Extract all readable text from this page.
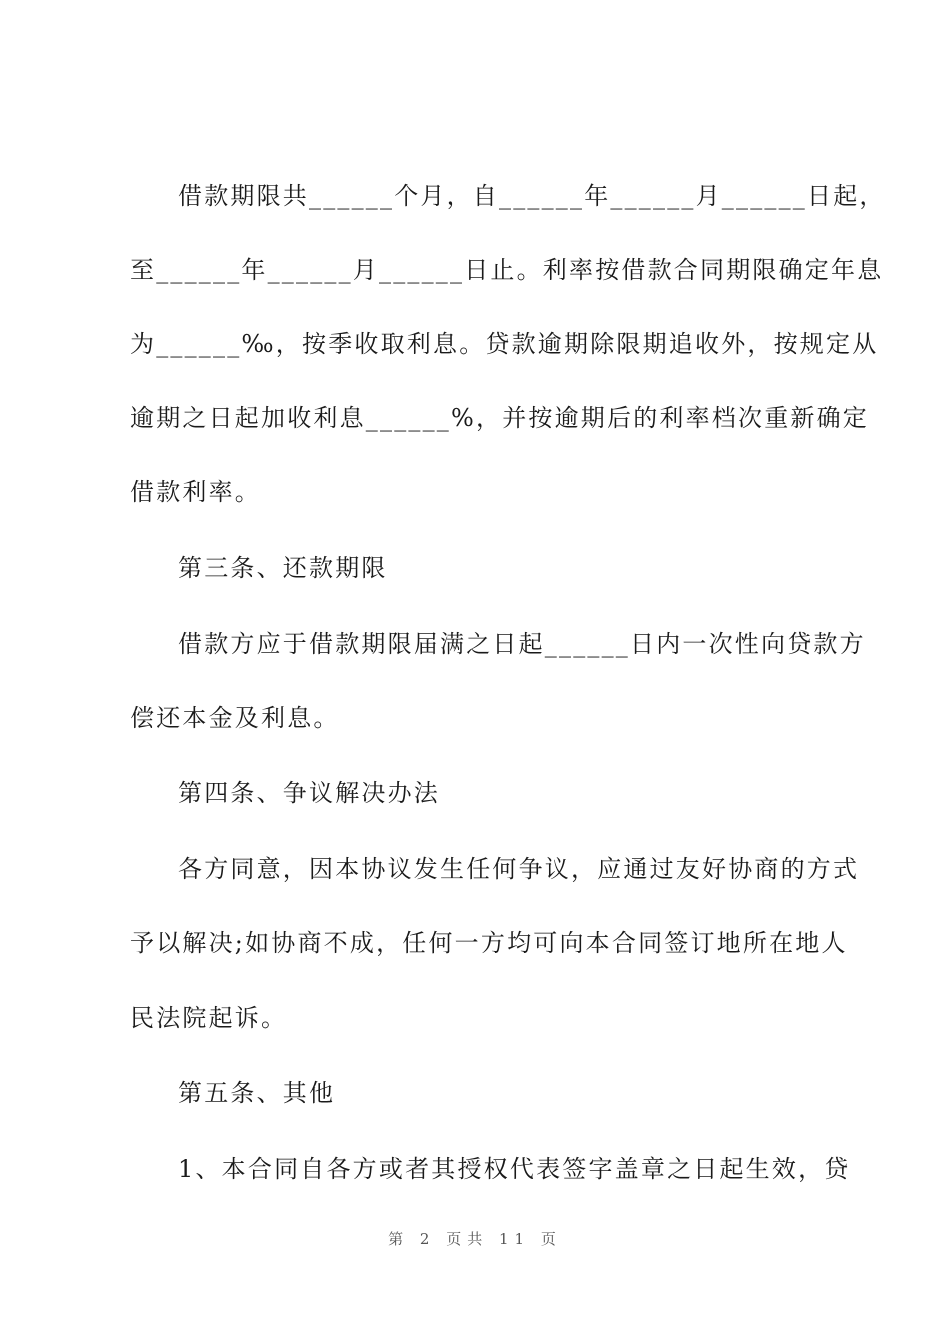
借款期限共______个月，自______年______月______日起，
至______年______月______日止。利率按借款合同期限确定年息
为______‰，按季收取利息。贷款逾期除限期追收外，按规定从
逾期之日起加收利息______%，并按逾期后的利率档次重新确定
借款利率。
第三条、还款期限
借款方应于借款期限届满之日起______日内一次性向贷款方
偿还本金及利息。
第四条、争议解决办法
各方同意，因本协议发生任何争议，应通过友好协商的方式
予以解决;如协商不成，任何一方均可向本合同签订地所在地人
民法院起诉。
第五条、其他
1、本合同自各方或者其授权代表签字盖章之日起生效，贷
第 2 页共 11 页
